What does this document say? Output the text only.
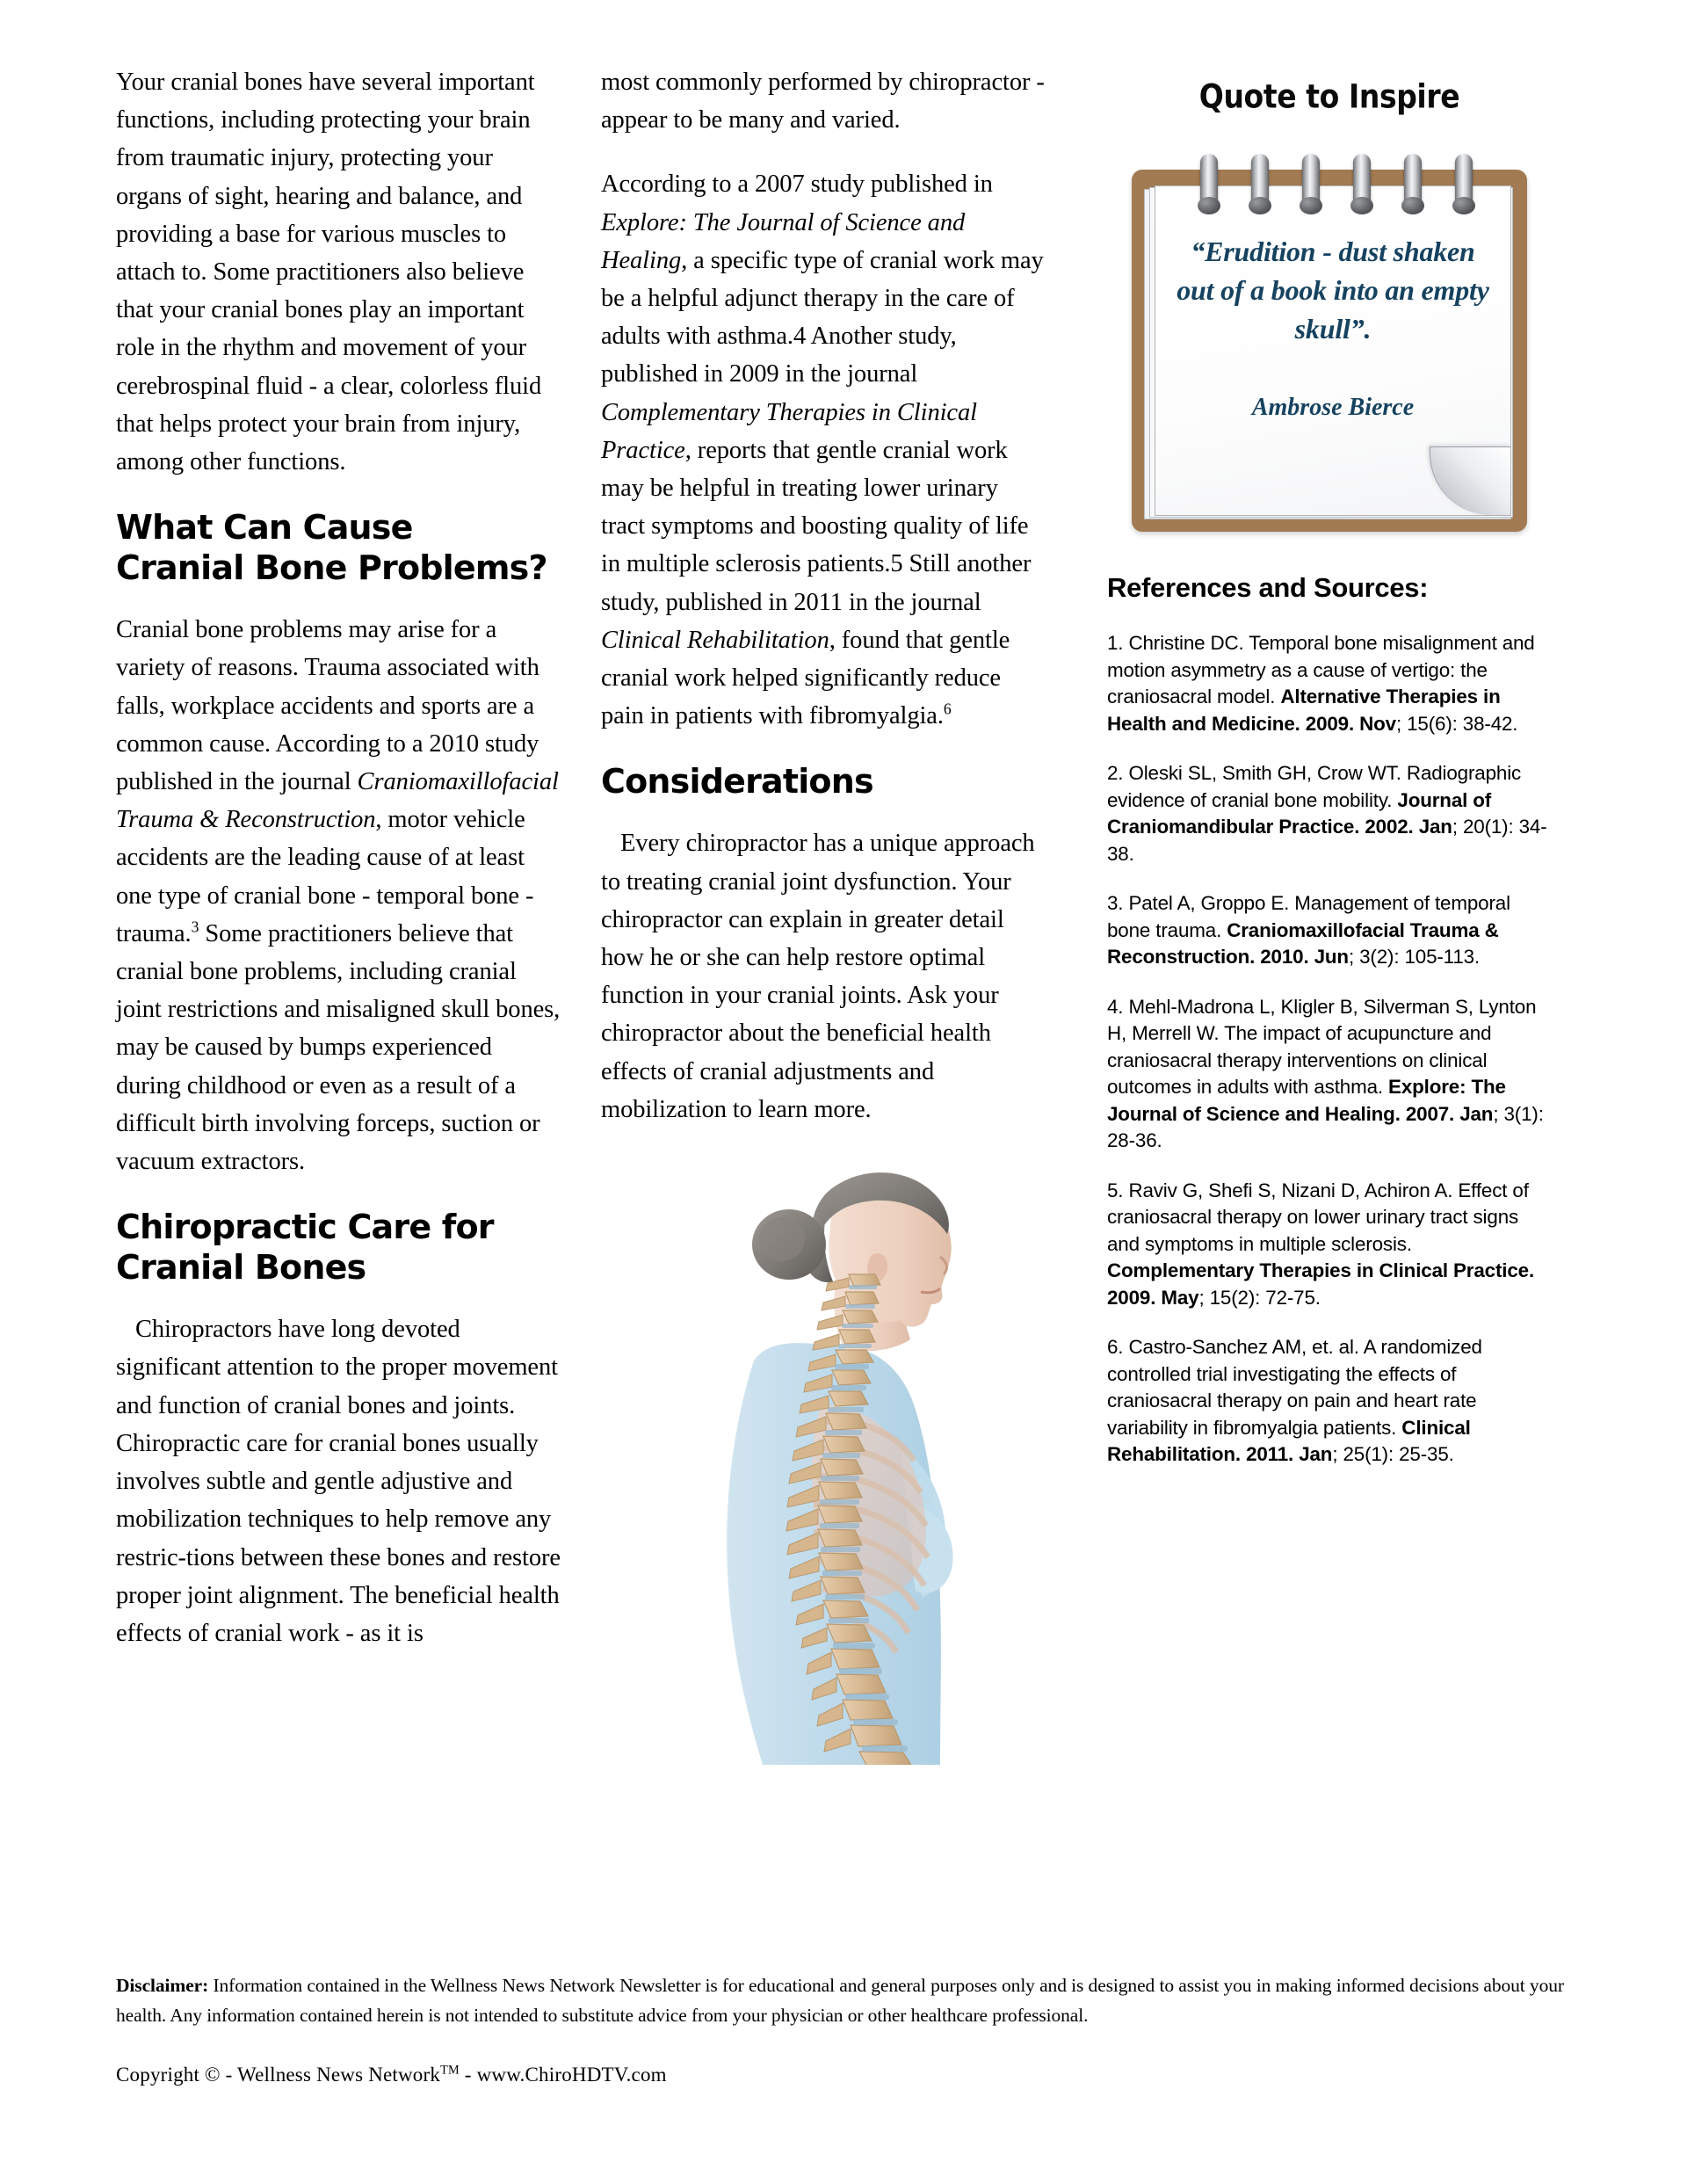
Your cranial bones have several important functions, including protecting your brain from traumatic injury, protecting your organs of sight, hearing and balance, and providing a base for various muscles to attach to. Some practitioners also believe that your cranial bones play an important role in the rhythm and movement of your cerebrospinal fluid - a clear, colorless fluid that helps protect your brain from injury, among other functions.

What Can Cause
Cranial Bone Problems?

Cranial bone problems may arise for a variety of reasons. Trauma associated with falls, workplace accidents and sports are a common cause. According to a 2010 study published in the journal Craniomaxillofacial Trauma & Reconstruction, motor vehicle accidents are the leading cause of at least one type of cranial bone - temporal bone - trauma.$^3$ Some practitioners believe that cranial bone problems, including cranial joint restrictions and misaligned skull bones, may be caused by bumps experienced during childhood or even as a result of a difficult birth involving forceps, suction or vacuum extractors.

Chiropractic Care for
Cranial Bones

Chiropractors have long devoted significant attention to the proper movement and function of cranial bones and joints. Chiropractic care for cranial bones usually involves subtle and gentle adjustive and mobilization techniques to help remove any restric-tions between these bones and restore proper joint alignment. The beneficial health effects of cranial work - as it is

most commonly performed by chiropractor - appear to be many and varied.

According to a 2007 study published in Explore: The Journal of Science and Healing, a specific type of cranial work may be a helpful adjunct therapy in the care of adults with asthma.4 Another study, published in 2009 in the journal Complementary Therapies in Clinical Practice, reports that gentle cranial work may be helpful in treating lower urinary tract symptoms and boosting quality of life in multiple sclerosis patients.5 Still another study, published in 2011 in the journal Clinical Rehabilitation, found that gentle cranial work helped significantly reduce pain in patients with fibromyalgia.$^6$

Considerations

Every chiropractor has a unique approach to treating cranial joint dysfunction. Your chiropractor can explain in greater detail how he or she can help restore optimal function in your cranial joints. Ask your chiropractor about the beneficial health effects of cranial adjustments and mobilization to learn more.

Quote to Inspire
“Erudition - dust shaken out of a book into an empty skull”.
Ambrose Bierce
References and Sources:

1. Christine DC. Temporal bone misalignment and motion asymmetry as a cause of vertigo: the craniosacral model. Alternative Therapies in Health and Medicine. 2009. Nov; 15(6): 38-42.

2. Oleski SL, Smith GH, Crow WT. Radiographic evidence of cranial bone mobility. Journal of Craniomandibular Practice. 2002. Jan; 20(1): 34-38.

3. Patel A, Groppo E. Management of temporal bone trauma. Craniomaxillofacial Trauma & Reconstruction. 2010. Jun; 3(2): 105-113.

4. Mehl-Madrona L, Kligler B, Silverman S, Lynton H, Merrell W. The impact of acupuncture and craniosacral therapy interventions on clinical outcomes in adults with asthma. Explore: The Journal of Science and Healing. 2007. Jan; 3(1): 28-36.

5. Raviv G, Shefi S, Nizani D, Achiron A. Effect of craniosacral therapy on lower urinary tract signs and symptoms in multiple sclerosis. Complementary Therapies in Clinical Practice. 2009. May; 15(2): 72-75.

6. Castro-Sanchez AM, et. al. A randomized controlled trial investigating the effects of craniosacral therapy on pain and heart rate variability in fibromyalgia patients. Clinical Rehabilitation. 2011. Jan; 25(1): 25-35.

Disclaimer: Information contained in the Wellness News Network Newsletter is for educational and general purposes only and is designed to assist you in making informed decisions about your health. Any information contained herein is not intended to substitute advice from your physician or other healthcare professional.

Copyright © - Wellness News Network™ - www.ChiroHDTV.com
